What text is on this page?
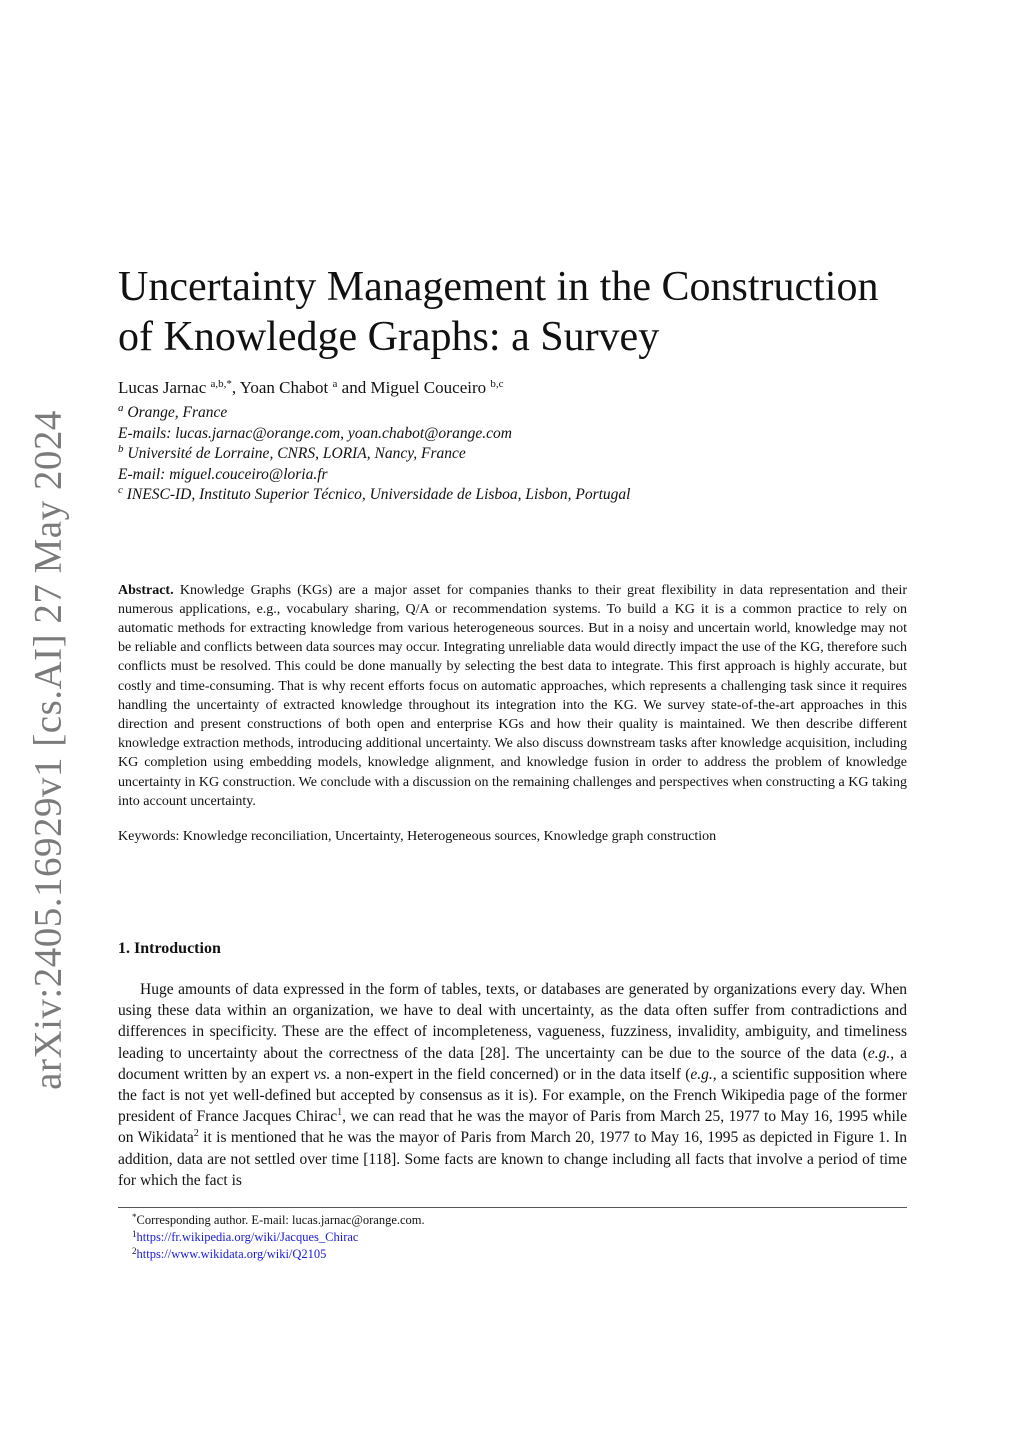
arXiv:2405.16929v1 [cs.AI] 27 May 2024
Uncertainty Management in the Construction
of Knowledge Graphs: a Survey
Lucas Jarnac $^{a,b,*}$, Yoan Chabot $^a$ and Miguel Couceiro $^{b,c}$
$^a$ Orange, France
E-mails: lucas.jarnac@orange.com, yoan.chabot@orange.com
$^b$ Université de Lorraine, CNRS, LORIA, Nancy, France
E-mail: miguel.couceiro@loria.fr
$^c$ INESC-ID, Instituto Superior Técnico, Universidade de Lisboa, Lisbon, Portugal
Abstract. Knowledge Graphs (KGs) are a major asset for companies thanks to their great flexibility in data representation and their numerous applications, e.g., vocabulary sharing, Q/A or recommendation systems. To build a KG it is a common practice to rely on automatic methods for extracting knowledge from various heterogeneous sources. But in a noisy and uncertain world, knowledge may not be reliable and conflicts between data sources may occur. Integrating unreliable data would directly impact the use of the KG, therefore such conflicts must be resolved. This could be done manually by selecting the best data to integrate. This first approach is highly accurate, but costly and time-consuming. That is why recent efforts focus on automatic approaches, which represents a challenging task since it requires handling the uncertainty of extracted knowledge throughout its integration into the KG. We survey state-of-the-art approaches in this direction and present constructions of both open and enterprise KGs and how their quality is maintained. We then describe different knowledge extraction methods, introducing additional uncertainty. We also discuss downstream tasks after knowledge acquisition, including KG completion using embedding models, knowledge alignment, and knowledge fusion in order to address the problem of knowledge uncertainty in KG construction. We conclude with a discussion on the remaining challenges and perspectives when constructing a KG taking into account uncertainty.
Keywords: Knowledge reconciliation, Uncertainty, Heterogeneous sources, Knowledge graph construction
1. Introduction
Huge amounts of data expressed in the form of tables, texts, or databases are generated by organizations every day. When using these data within an organization, we have to deal with uncertainty, as the data often suffer from contradictions and differences in specificity. These are the effect of incompleteness, vagueness, fuzziness, invalidity, ambiguity, and timeliness leading to uncertainty about the correctness of the data [28]. The uncertainty can be due to the source of the data (e.g., a document written by an expert vs. a non-expert in the field concerned) or in the data itself (e.g., a scientific supposition where the fact is not yet well-defined but accepted by consensus as it is). For example, on the French Wikipedia page of the former president of France Jacques Chirac$^1$, we can read that he was the mayor of Paris from March 25, 1977 to May 16, 1995 while on Wikidata$^2$ it is mentioned that he was the mayor of Paris from March 20, 1977 to May 16, 1995 as depicted in Figure 1. In addition, data are not settled over time [118]. Some facts are known to change including all facts that involve a period of time for which the fact is
*Corresponding author. E-mail: lucas.jarnac@orange.com.
$^1$https://fr.wikipedia.org/wiki/Jacques_Chirac
$^2$https://www.wikidata.org/wiki/Q2105
